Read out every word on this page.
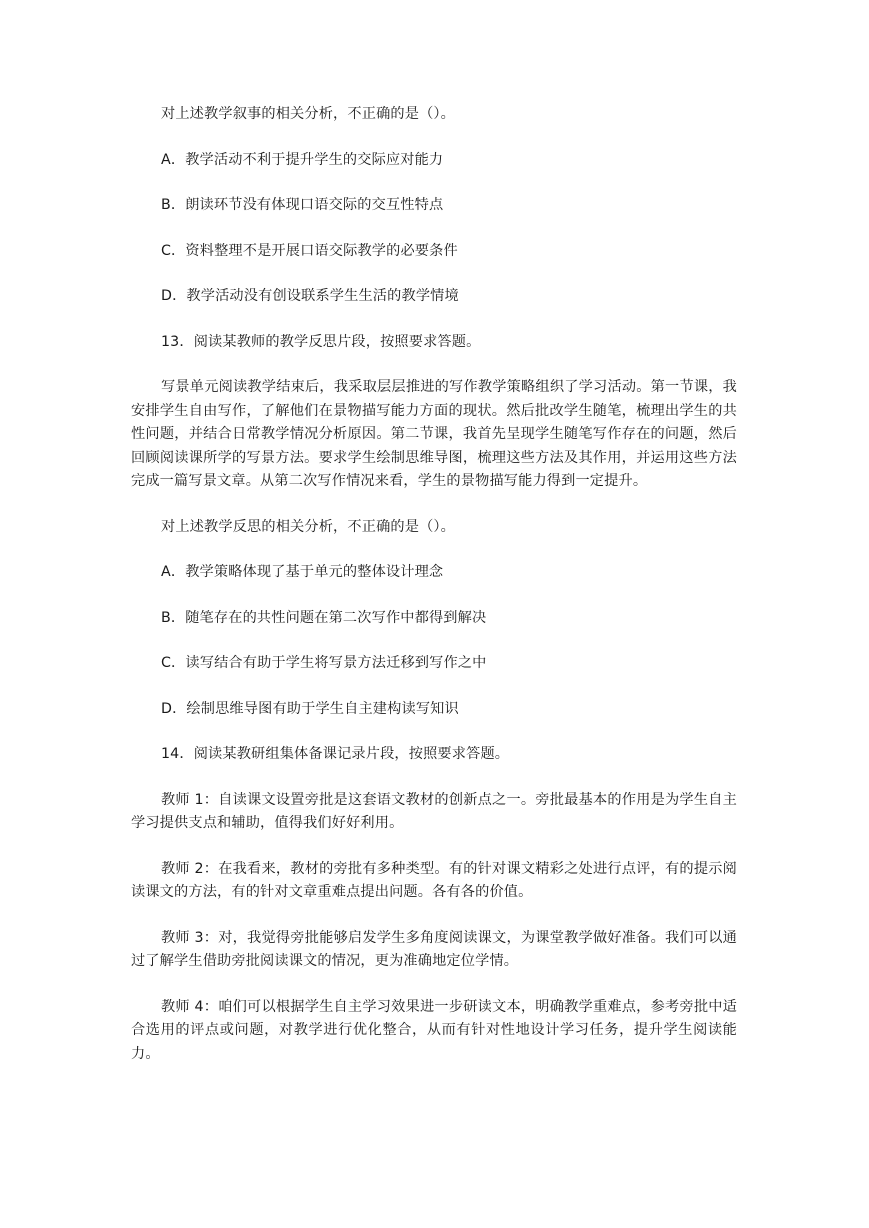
对上述教学叙事的相关分析，不正确的是（）。

A．教学活动不利于提升学生的交际应对能力

B．朗读环节没有体现口语交际的交互性特点

C．资料整理不是开展口语交际教学的必要条件

D．教学活动没有创设联系学生生活的教学情境

13．阅读某教师的教学反思片段，按照要求答题。

写景单元阅读教学结束后，我采取层层推进的写作教学策略组织了学习活动。第一节课，我安排学生自由写作，了解他们在景物描写能力方面的现状。然后批改学生随笔，梳理出学生的共性问题，并结合日常教学情况分析原因。第二节课，我首先呈现学生随笔写作存在的问题，然后回顾阅读课所学的写景方法。要求学生绘制思维导图，梳理这些方法及其作用，并运用这些方法完成一篇写景文章。从第二次写作情况来看，学生的景物描写能力得到一定提升。

对上述教学反思的相关分析，不正确的是（）。

A．教学策略体现了基于单元的整体设计理念

B．随笔存在的共性问题在第二次写作中都得到解决

C．读写结合有助于学生将写景方法迁移到写作之中

D．绘制思维导图有助于学生自主建构读写知识

14．阅读某教研组集体备课记录片段，按照要求答题。

教师 1：自读课文设置旁批是这套语文教材的创新点之一。旁批最基本的作用是为学生自主学习提供支点和辅助，值得我们好好利用。

教师 2：在我看来，教材的旁批有多种类型。有的针对课文精彩之处进行点评，有的提示阅读课文的方法，有的针对文章重难点提出问题。各有各的价值。

教师 3：对，我觉得旁批能够启发学生多角度阅读课文，为课堂教学做好准备。我们可以通过了解学生借助旁批阅读课文的情况，更为准确地定位学情。

教师 4：咱们可以根据学生自主学习效果进一步研读文本，明确教学重难点，参考旁批中适合选用的评点或问题，对教学进行优化整合，从而有针对性地设计学习任务，提升学生阅读能力。
